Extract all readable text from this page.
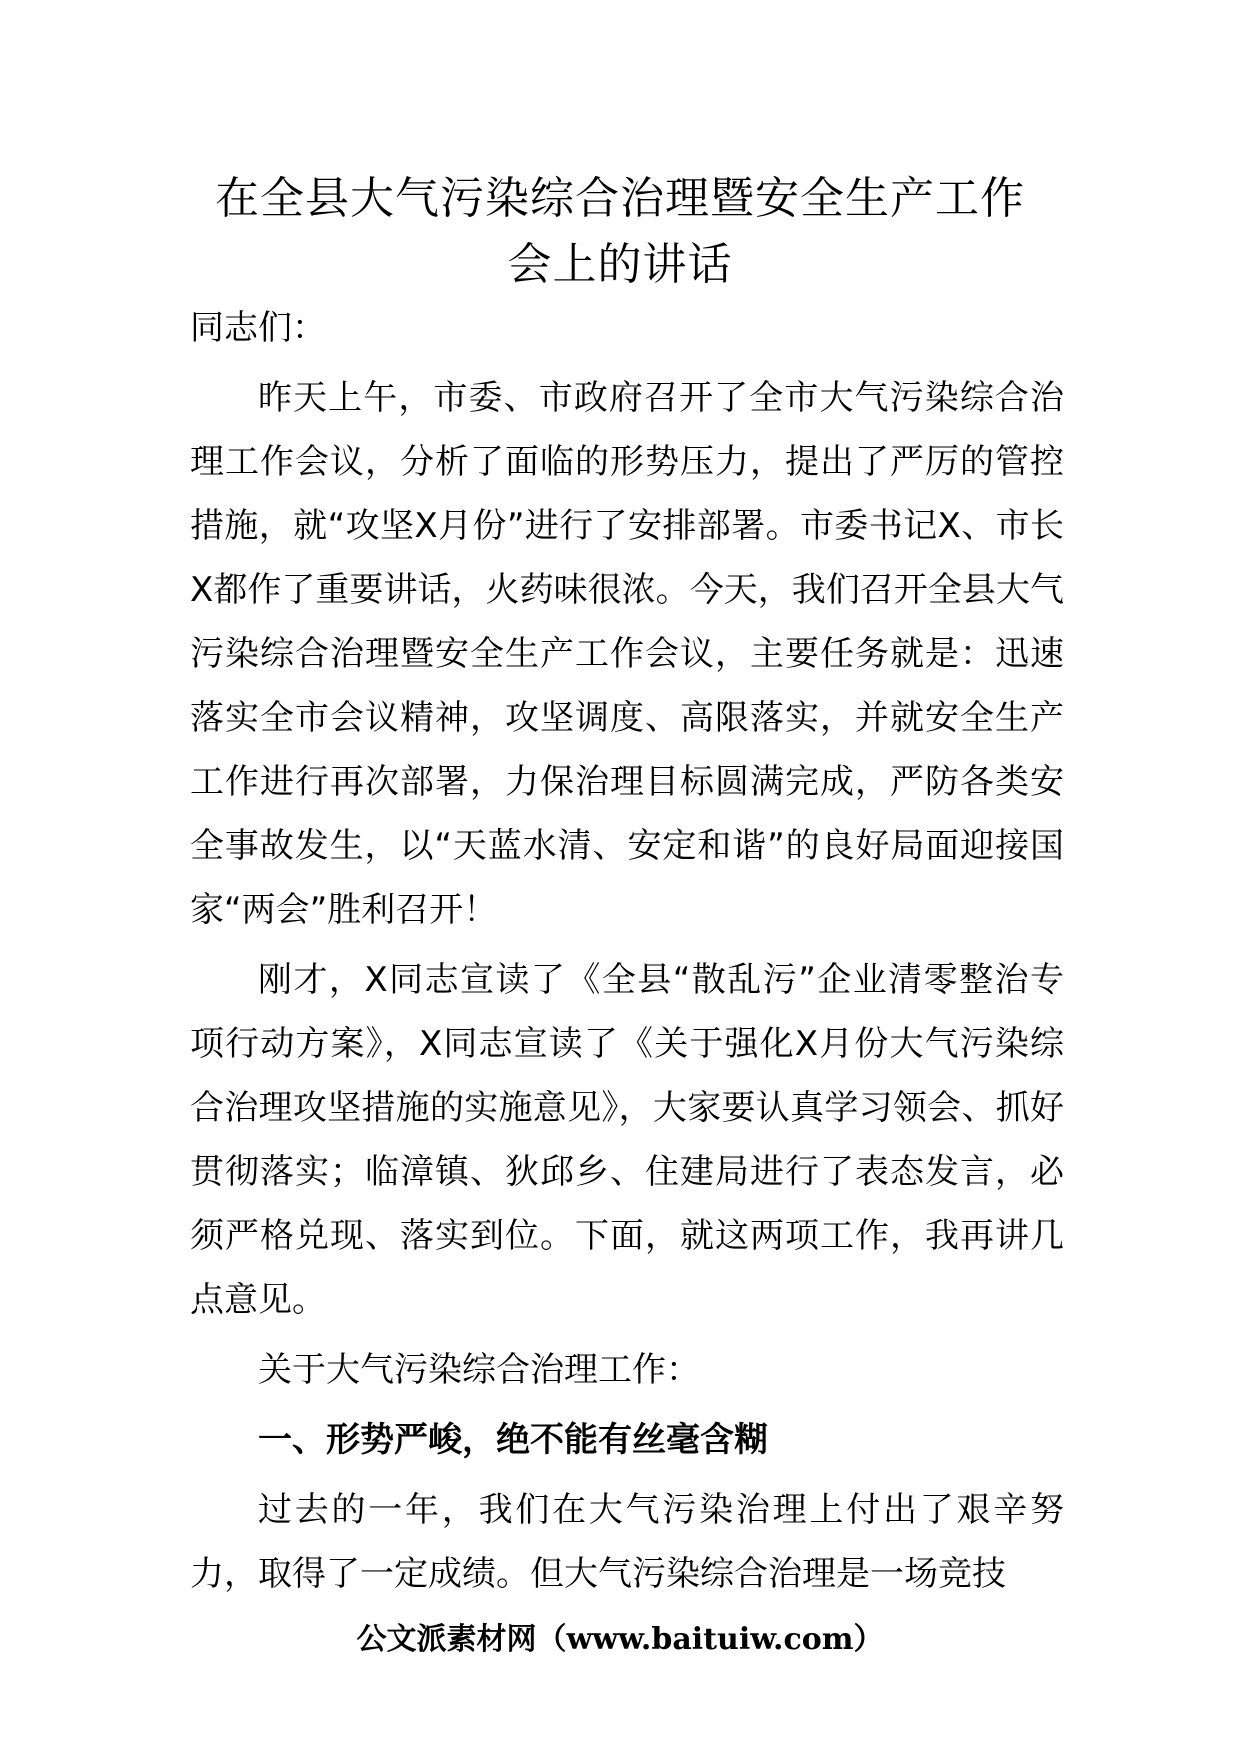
在全县大气污染综合治理暨安全生产工作
会上的讲话

同志们：

昨天上午，市委、市政府召开了全市大气污染综合治理工作会议，分析了面临的形势压力，提出了严厉的管控措施，就“攻坚X月份”进行了安排部署。市委书记X、市长X都作了重要讲话，火药味很浓。今天，我们召开全县大气污染综合治理暨安全生产工作会议，主要任务就是：迅速落实全市会议精神，攻坚调度、高限落实，并就安全生产工作进行再次部署，力保治理目标圆满完成，严防各类安全事故发生，以“天蓝水清、安定和谐”的良好局面迎接国家“两会”胜利召开！

刚才，X同志宣读了《全县“散乱污”企业清零整治专项行动方案》，X同志宣读了《关于强化X月份大气污染综合治理攻坚措施的实施意见》，大家要认真学习领会、抓好贯彻落实；临漳镇、狄邱乡、住建局进行了表态发言，必须严格兑现、落实到位。下面，就这两项工作，我再讲几点意见。

关于大气污染综合治理工作：

一、形势严峻，绝不能有丝毫含糊

过去的一年，我们在大气污染治理上付出了艰辛努力，取得了一定成绩。但大气污染综合治理是一场竞技

公文派素材网（www.baituiw.com）
